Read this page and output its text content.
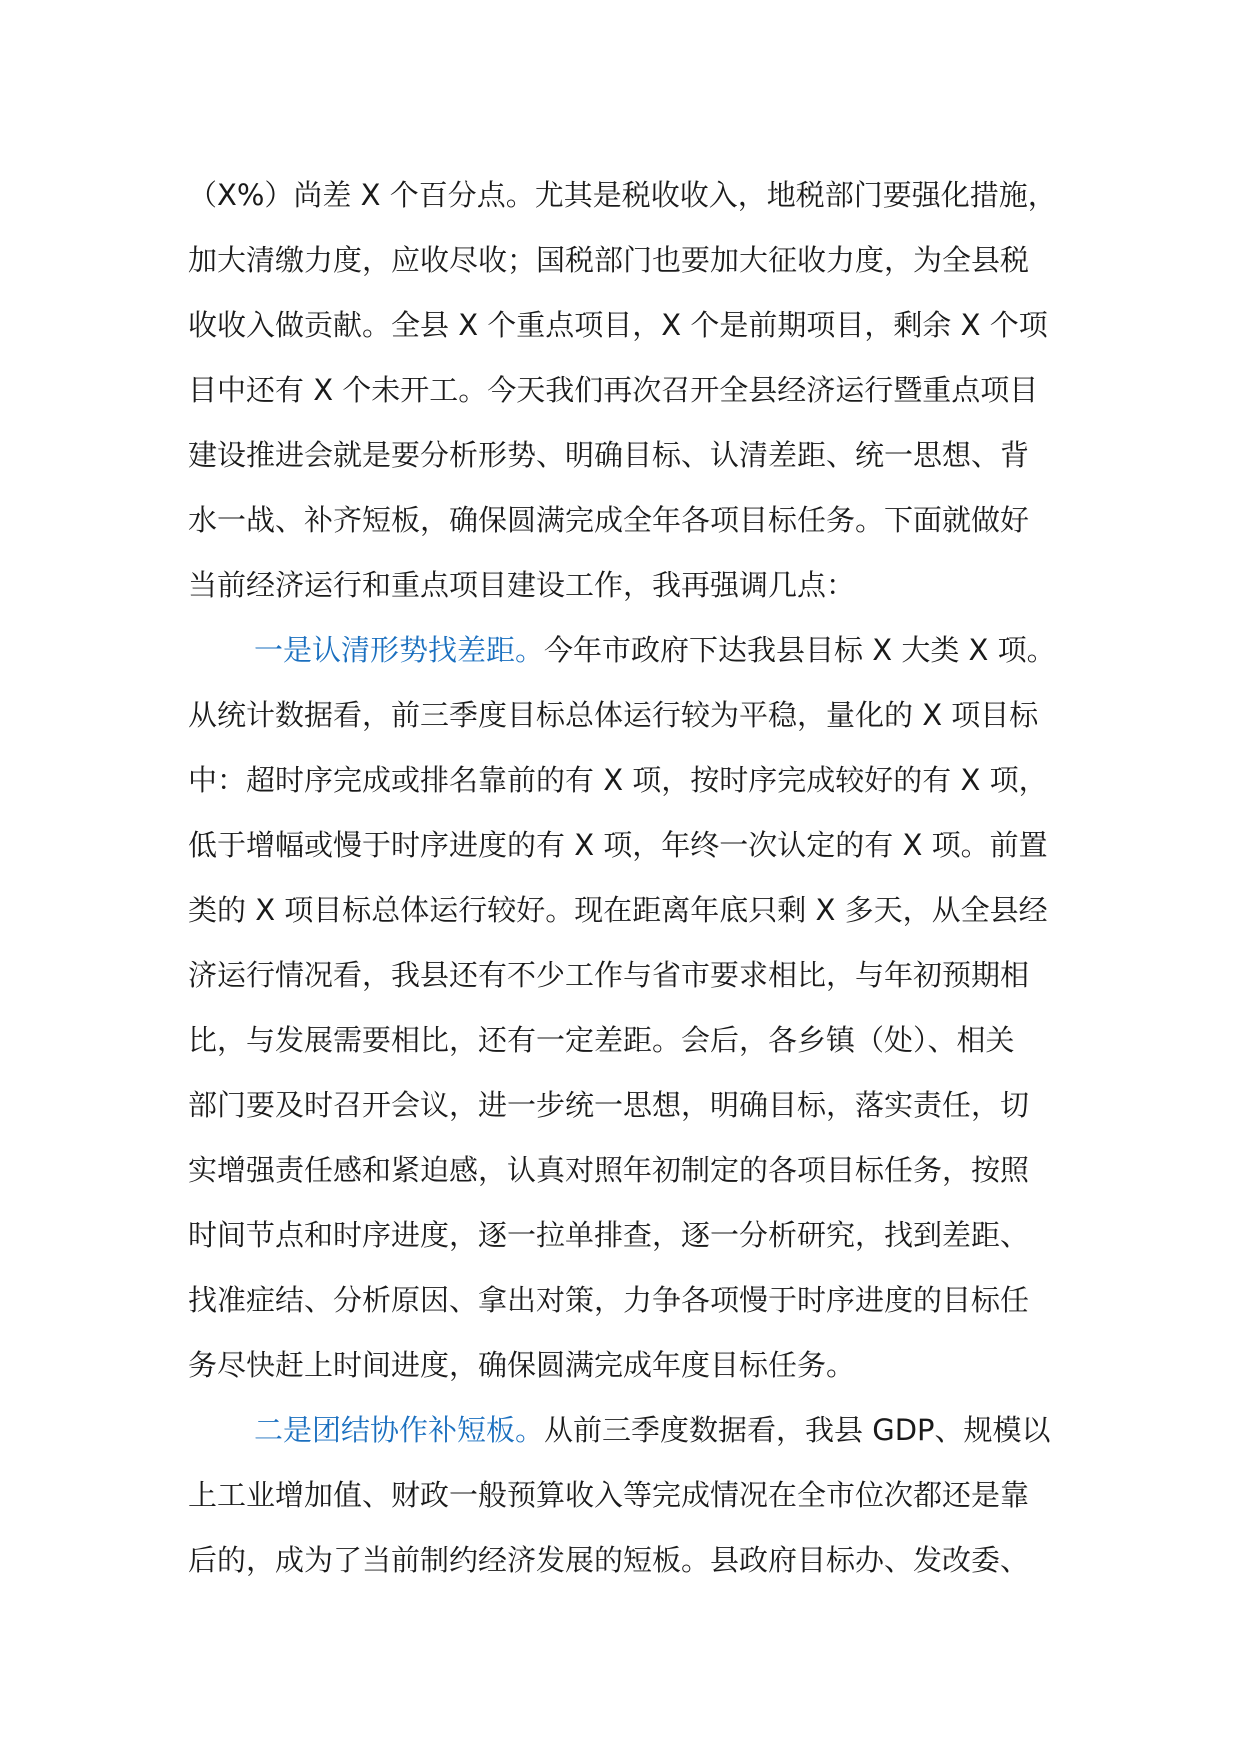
（X%）尚差 X 个百分点。尤其是税收收入，地税部门要强化措施，
加大清缴力度，应收尽收；国税部门也要加大征收力度，为全县税
收收入做贡献。全县 X 个重点项目，X 个是前期项目，剩余 X 个项
目中还有 X 个未开工。今天我们再次召开全县经济运行暨重点项目
建设推进会就是要分析形势、明确目标、认清差距、统一思想、背
水一战、补齐短板，确保圆满完成全年各项目标任务。下面就做好
当前经济运行和重点项目建设工作，我再强调几点：
一是认清形势找差距。今年市政府下达我县目标 X 大类 X 项。
从统计数据看，前三季度目标总体运行较为平稳，量化的 X 项目标
中：超时序完成或排名靠前的有 X 项，按时序完成较好的有 X 项，
低于增幅或慢于时序进度的有 X 项，年终一次认定的有 X 项。前置
类的 X 项目标总体运行较好。现在距离年底只剩 X 多天，从全县经
济运行情况看，我县还有不少工作与省市要求相比，与年初预期相
比，与发展需要相比，还有一定差距。会后，各乡镇（处）、相关
部门要及时召开会议，进一步统一思想，明确目标，落实责任，切
实增强责任感和紧迫感，认真对照年初制定的各项目标任务，按照
时间节点和时序进度，逐一拉单排查，逐一分析研究，找到差距、
找准症结、分析原因、拿出对策，力争各项慢于时序进度的目标任
务尽快赶上时间进度，确保圆满完成年度目标任务。
二是团结协作补短板。从前三季度数据看，我县 GDP、规模以
上工业增加值、财政一般预算收入等完成情况在全市位次都还是靠
后的，成为了当前制约经济发展的短板。县政府目标办、发改委、
